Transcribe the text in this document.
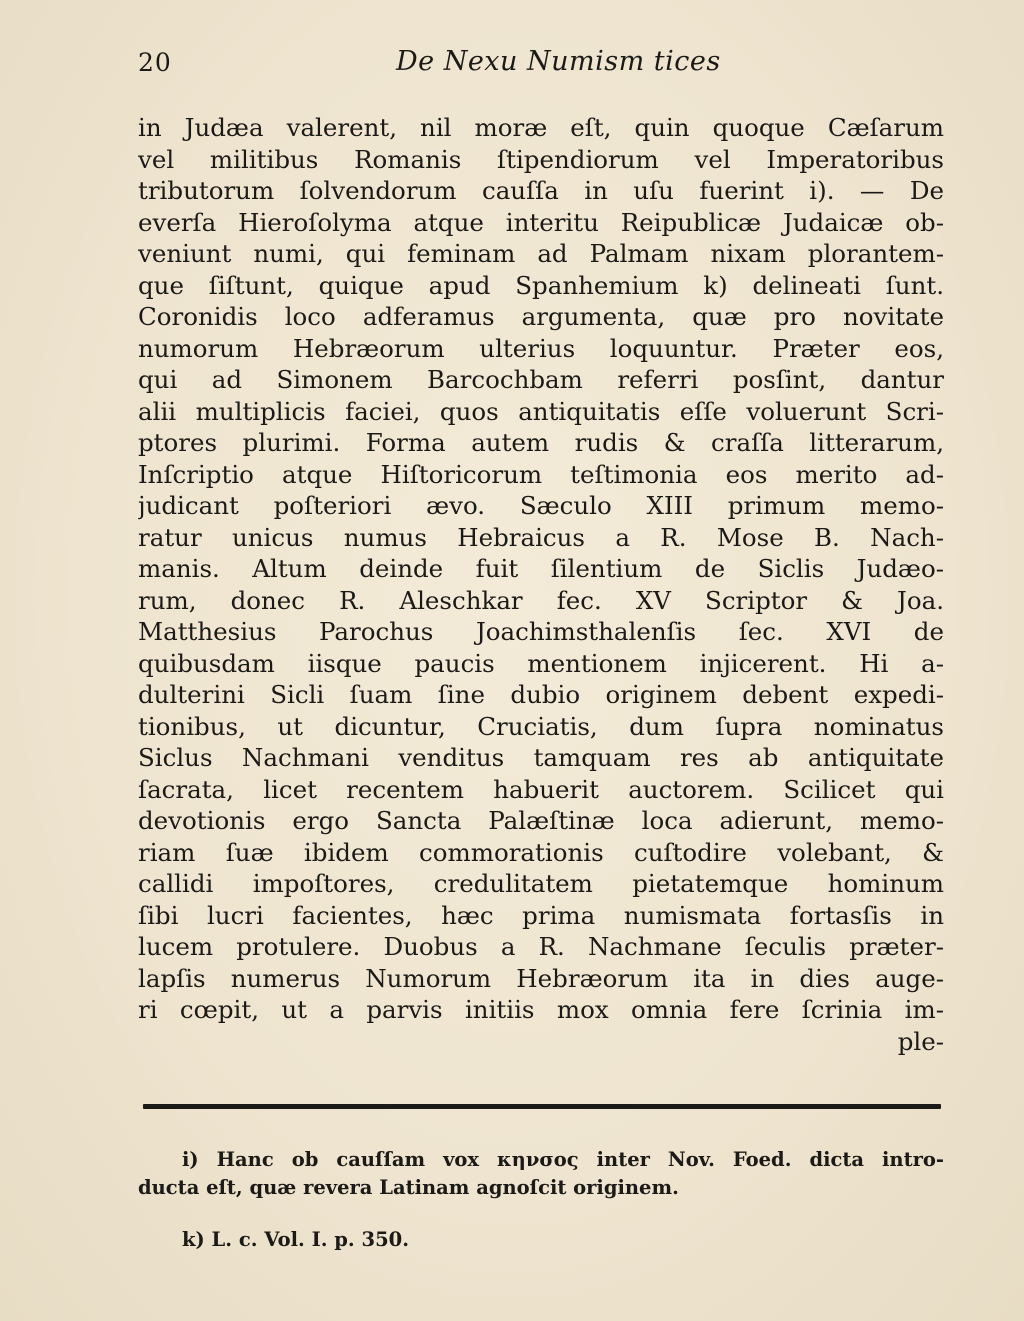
20	De Nexu Numism tices
in Judæa valerent, nil moræ eſt, quin quoque Cæſarum
vel militibus Romanis ſtipendiorum vel Imperatoribus
tributorum ſolvendorum cauſſa in uſu fuerint i). — De
everſa Hieroſolyma atque interitu Reipublicæ Judaicæ ob-
veniunt numi, qui feminam ad Palmam nixam plorantem-
que ſiſtunt, quique apud Spanhemium k) delineati ſunt.
Coronidis loco adferamus argumenta, quæ pro novitate
numorum Hebræorum ulterius loquuntur. Præter eos,
qui ad Simonem Barcochbam referri posſint, dantur
alii multiplicis faciei, quos antiquitatis eſſe voluerunt Scri-
ptores plurimi. Forma autem rudis & craſſa litterarum,
Inſcriptio atque Hiſtoricorum teſtimonia eos merito ad-
judicant poſteriori ævo. Sæculo XIII primum memo-
ratur unicus numus Hebraicus a R. Mose B. Nach-
manis. Altum deinde fuit ſilentium de Siclis Judæo-
rum, donec R. Aleschkar fec. XV Scriptor & Joa.
Matthesius Parochus Joachimsthalenſis ſec. XVI de
quibusdam iisque paucis mentionem injicerent. Hi a-
dulterini Sicli ſuam ſine dubio originem debent expedi-
tionibus, ut dicuntur, Cruciatis, dum ſupra nominatus
Siclus Nachmani venditus tamquam res ab antiquitate
ſacrata, licet recentem habuerit auctorem. Scilicet qui
devotionis ergo Sancta Palæſtinæ loca adierunt, memo-
riam ſuæ ibidem commorationis cuſtodire volebant, &
callidi impoſtores, credulitatem pietatemque hominum
ſibi lucri facientes, hæc prima numismata fortasſis in
lucem protulere. Duobus a R. Nachmane ſeculis præter-
lapſis numerus Numorum Hebræorum ita in dies auge-
ri cœpit, ut a parvis initiis mox omnia fere ſcrinia im-
ple-
i) Hanc ob cauſſam vox κηνσος inter Nov. Foed. dicta intro-
ducta eſt, quæ revera Latinam agnoſcit originem.
k) L. c. Vol. I. p. 350.
